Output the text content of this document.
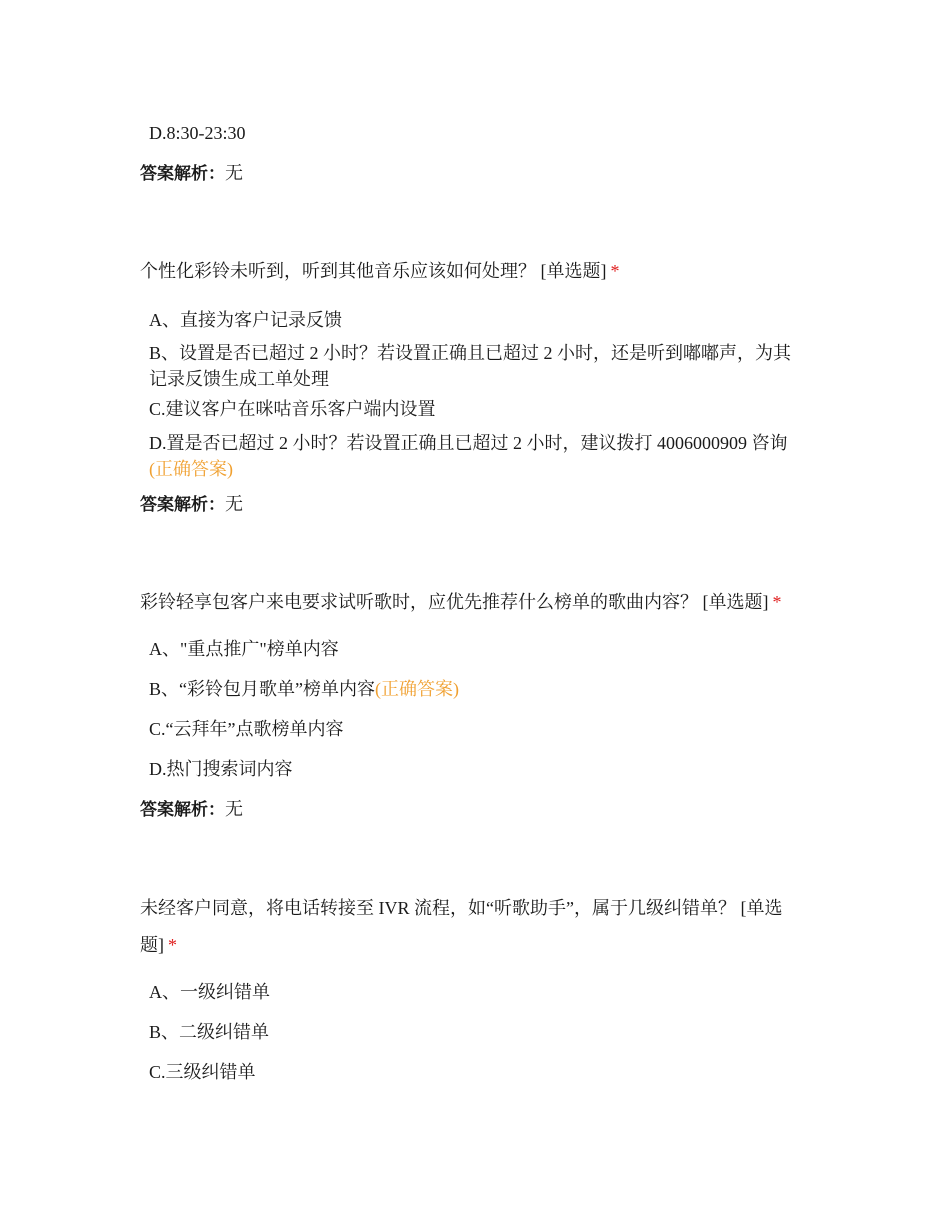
D.8:30-23:30

答案解析：无

个性化彩铃未听到，听到其他音乐应该如何处理？ [单选题] *

A、直接为客户记录反馈

B、设置是否已超过 2 小时？若设置正确且已超过 2 小时，还是听到嘟嘟声，为其记录反馈生成工单处理

C.建议客户在咪咕音乐客户端内设置

D.置是否已超过 2 小时？若设置正确且已超过 2 小时，建议拨打 4006000909 咨询(正确答案)

答案解析：无

彩铃轻享包客户来电要求试听歌时，应优先推荐什么榜单的歌曲内容？ [单选题] *

A、"重点推广"榜单内容

B、“彩铃包月歌单”榜单内容(正确答案)

C.“云拜年”点歌榜单内容

D.热门搜索词内容

答案解析：无

未经客户同意，将电话转接至 IVR 流程，如“听歌助手”，属于几级纠错单？ [单选题] *

A、一级纠错单

B、二级纠错单

C.三级纠错单
